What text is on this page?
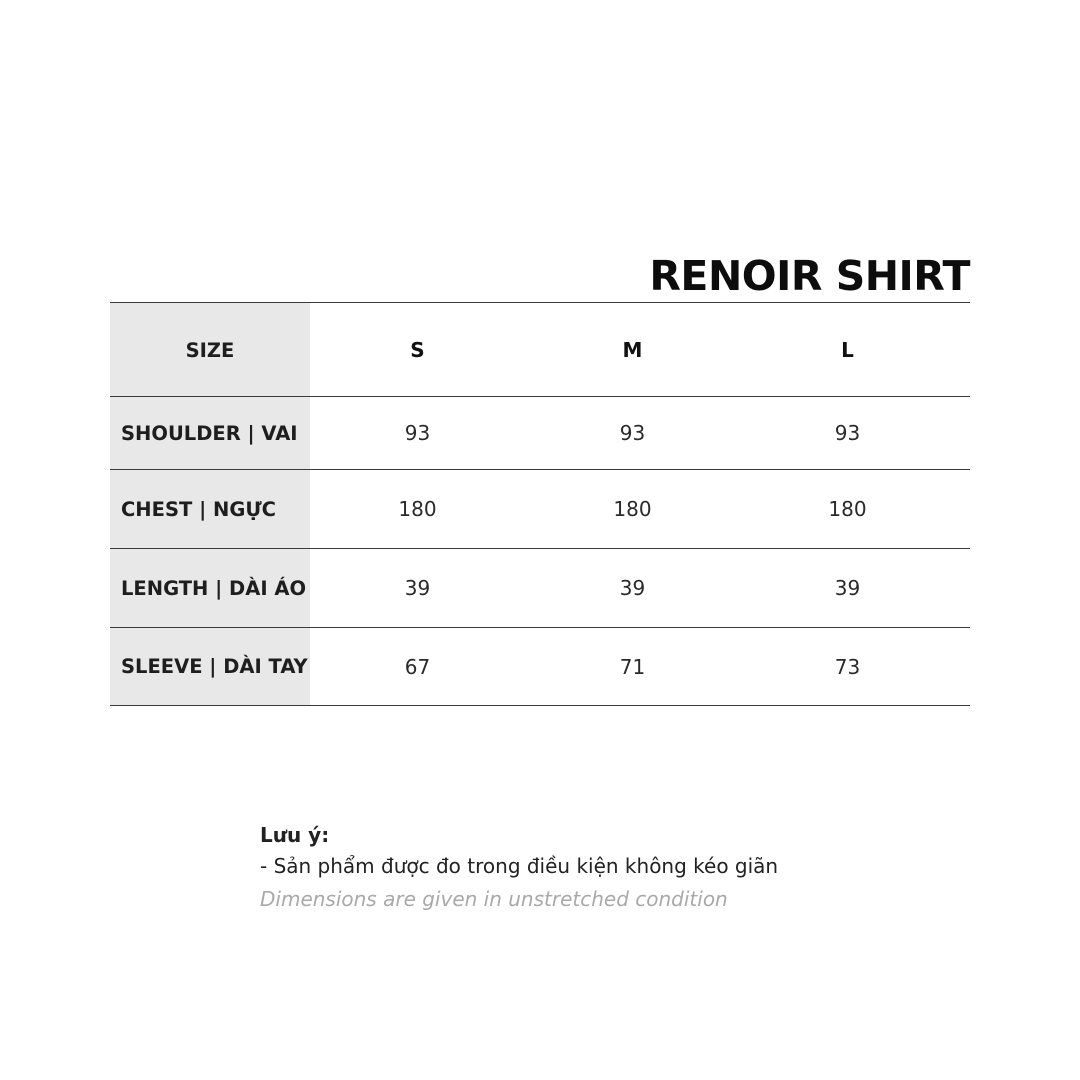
RENOIR SHIRT
SIZE	S	M	L
SHOULDER | VAI	93	93	93
CHEST | NGỰC	180	180	180
LENGTH | DÀI ÁO	39	39	39
SLEEVE | DÀI TAY	67	71	73
Lưu ý:
- Sản phẩm được đo trong điều kiện không kéo giãn
Dimensions are given in unstretched condition
